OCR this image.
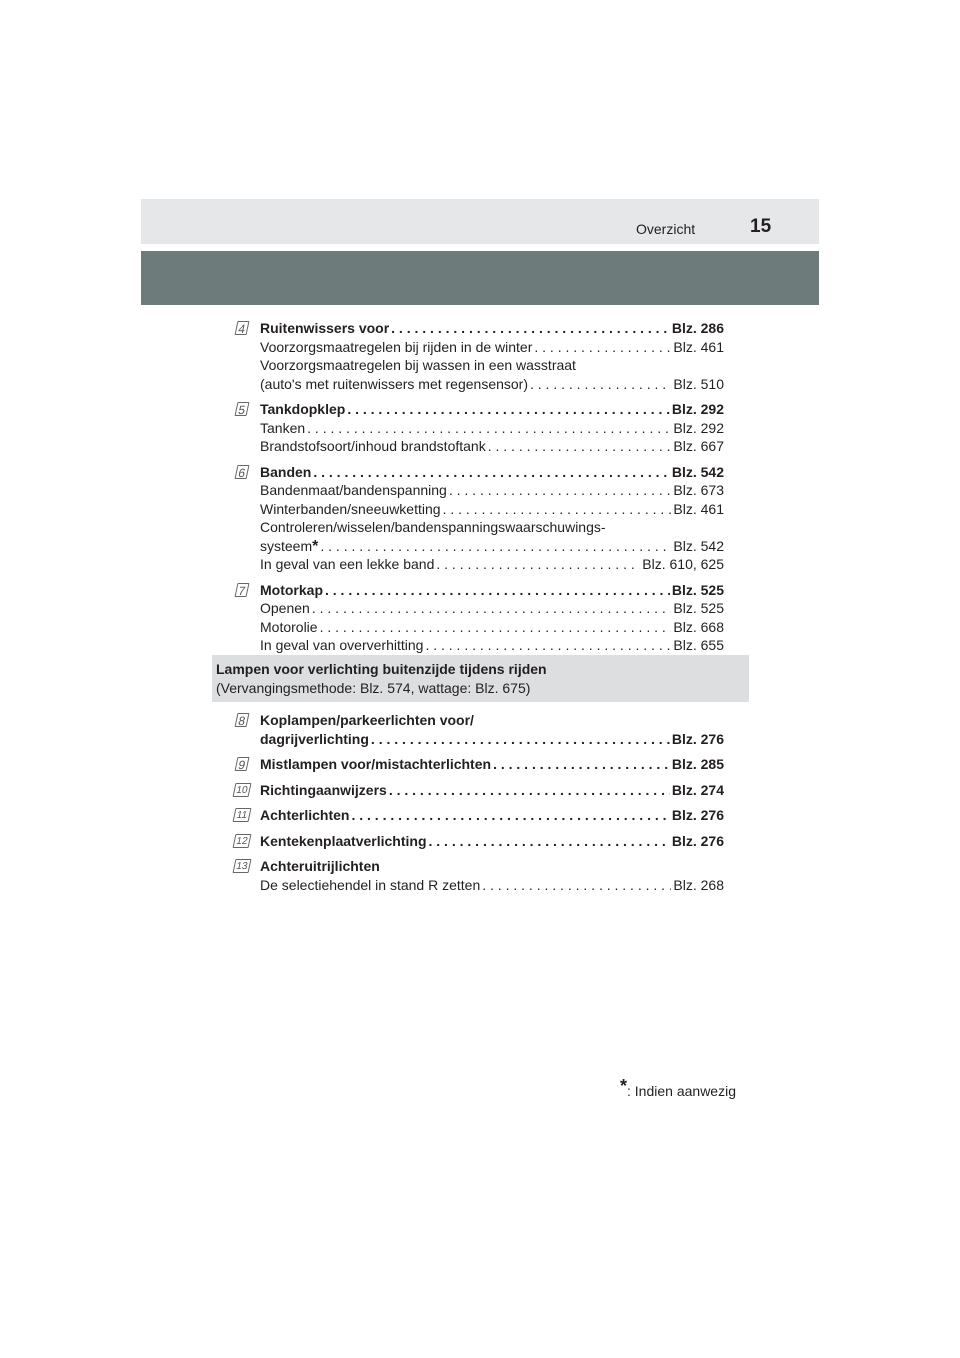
Overzicht	15
4 Ruitenwissers voor . . .	Blz. 286
Voorzorgsmaatregelen bij rijden in de winter . . .	Blz. 461
Voorzorgsmaatregelen bij wassen in een wasstraat
(auto's met ruitenwissers met regensensor) . . .	Blz. 510
5 Tankdopklep . . .	Blz. 292
Tanken . . .	Blz. 292
Brandstofsoort/inhoud brandstoftank . . .	Blz. 667
6 Banden . . .	Blz. 542
Bandenmaat/bandenspanning . . .	Blz. 673
Winterbanden/sneeuwketting . . .	Blz. 461
Controleren/wisselen/bandenspanningswaarschuwings-
systeem * . . .	Blz. 542
In geval van een lekke band . . .	Blz. 610, 625
7 Motorkap . . .	Blz. 525
Openen . . .	Blz. 525
Motorolie . . .	Blz. 668
In geval van oververhitting . . .	Blz. 655
Lampen voor verlichting buitenzijde tijdens rijden
(Vervangingsmethode: Blz. 574, wattage: Blz. 675)
8 Koplampen/parkeerlichten voor/
dagrijverlichting . . .	Blz. 276
9 Mistlampen voor/mistachterlichten . . .	Blz. 285
10 Richtingaanwijzers . . .	Blz. 274
11 Achterlichten . . .	Blz. 276
12 Kentekenplaatverlichting . . .	Blz. 276
13 Achteruitrijlichten
De selectiehendel in stand R zetten . . .	Blz. 268
*: Indien aanwezig
